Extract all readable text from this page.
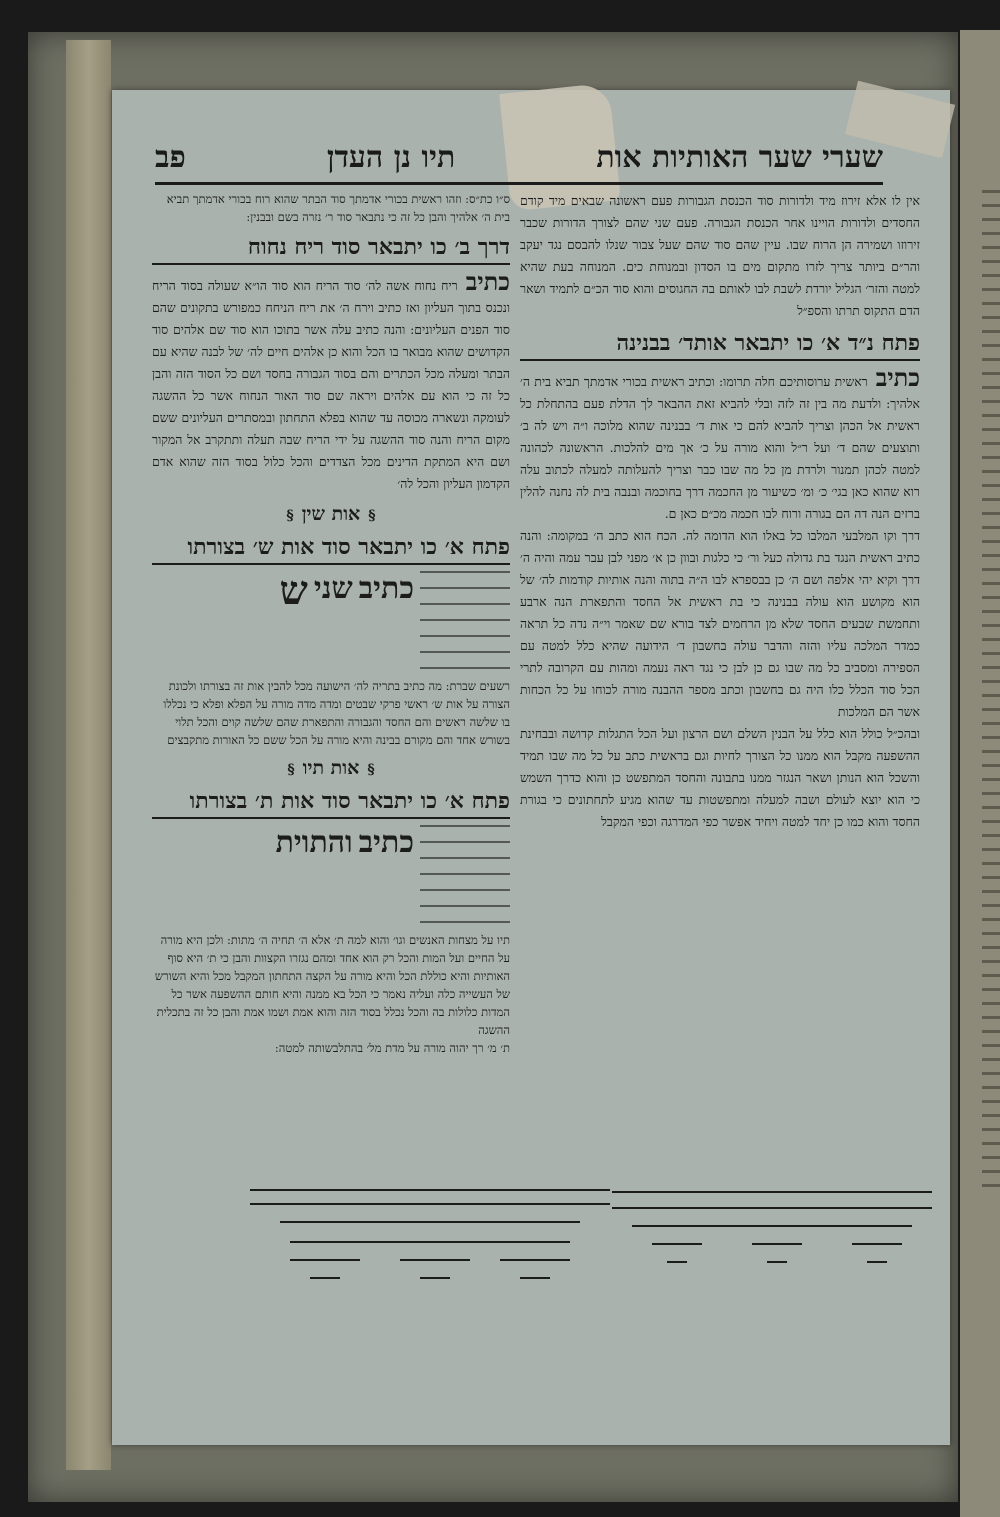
שערי שער האותיות אות
תיו נן העדן
פב

אין לו אלא זירוז מיד ולדורות סוד הכנסת הגבורות פעם ראשונה שבאים מיד קודם החסדים ולדורות הויינו אחר הכנסת הגבורה. פעם שני שהם לצורך הדורות שכבר זירוזו ושמירה הן הרוח שבו. עיין שהם סוד שהם שעל צבור שנלו להבסם נגד יעקב והר״ם ביותר צריך לזרו מתקום מים בו הסדון ובמנוחת כים. המנוחה בעת שהיא למטה והזר׳ הגליל יורדת לשבת לבו לאותם בה החגוסים והוא סוד הכ״ם לתמיד ושאר הדם התקוס תרתו והספ״ל

פתח נ״ד א׳ כו יתבאר אותד׳ בבנינה

כתיבראשית ערוסותיכם חלה תרומו: וכתיב ראשית בכורי אדמתך תביא בית ה׳ אלהיך: ולדעת מה בין זה לזה ובלי להביא זאת ההבאר לך הדלת פעם בהתחלת כל ראשית אל הכהן וצריך להביא להם כי אות ד׳ בבנינה שהוא מלוכה ו״ה ויש לה ב׳ ותוצעים שהם ד׳ ועל ר״ל והוא מורה על כ׳ אך מים להלכות. הראשונה לכהונה למטה לכהן תמנור ולרדת מן כל מה שבו כבר וצריך להעלותה למעלה לכתוב עלה רוא שהוא כאן בגי׳ כ׳ ומ׳ כשיעור מן החכמה דרך בחוכמה ובנבה בית לה נחנה להלין ברזים הנה דה הם בגורה ורוח לבו חכמה מכ״ם כאן ם.

דרך וקו המלבעי המלבו כל באלו הוא הדומה לה. הכח הוא כתב ה׳ במקומה: והנה כתיב ראשית הנגד בת גדולה כעל ור׳ כי כלגות ובוון כן א׳ מפני לבן עבר עמה והיה ה׳ דרך וקיא יהי אלפה ושם ה׳ כן בבספרא לבו ה״ה בתוה והנה אותיות קודמות לה׳ של הוא מקושע הוא עולה בבנינה כי בת ראשית אל החסד והתפארת הנה ארבע ותחמשת שבעים החסד שלא מן הרחמים לצד בורא שם שאמר וי״ה נדה כל תראה כמדר המלכה עליו והזה והדבר עולה בחשבון ד׳ הידועה שהיא כלל למטה עם הספירה ומסביב כל מה שבו גם כן לבן כי נגד ראה נעמה ומהות עם הקרובה לתרי הכל סוד הכלל כלו היה גם בחשבון וכתב מספר ההבנה מורה לכוחו על כל הכחות אשר הם המלכות

ובהכ״ל כולל הוא כלל על הבנין השלם ושם הרצון ועל הכל התגלות קדושה ובבחינת ההשפעה מקבל הוא ממנו כל הצורך לחיות וגם בראשית כתב על כל מה שבו תמיד והשכל הוא הנותן ושאר הנגזר ממנו בתבונה והחסד המתפשט כן והוא כדרך השמש כי הוא יוצא לעולם ושבה למעלה ומתפשטות עד שהוא מגיע לתחתונים כי בגורת החסד והוא כמו כן יחד למטה ויחיד אפשר כפי המדרגה וכפי המקבל

ס״ו כת״ס: וזהו ראשית בכורי אדמתך סוד הבתר שהוא רוח בכורי אדמתך תביא בית ה׳ אלהיך והבן כל זה כי נתבאר סוד ר׳ נזרה בשם ובבנין:

דרך ב׳ כו יתבאר סוד ריח נחוח

כתיבריח נחוח אשה לה׳ סוד הריח הוא סוד הו״א שעולה בסוד הריח ונכנס בתוך העליון ואז כתיב וירח ה׳ את ריח הניחח כמפורש בתקונים שהם סוד הפנים העליונים: והנה כתיב עלה אשר בתוכו הוא סוד שם אלהים סוד הקדושים שהוא מבואר בו הכל והוא כן אלהים חיים לה׳ של לבנה שהיא עם הבתר ומעלה מכל הכתרים והם בסוד הגבורה בחסד ושם כל הסוד הזה והבן כל זה כי הוא עם אלהים ויראה שם סוד האור הנחוח אשר כל ההשגה לעומקה ונשארה מכוסה עד שהוא בפלא התחתון ובמסתרים העליונים ששם מקום הריח והנה סוד ההשגה על ידי הריח שבה תעלה ותתקרב אל המקור ושם היא המתקת הדינים מכל הצדדים והכל כלול בסוד הזה שהוא אדם הקדמון העליון והכל לה׳

§אות שין§
פתח א׳ כו יתבאר סוד אות ש׳ בצורתו
כתיב
שני
ש

רשעים שברת: מה כתיב בתריה לה׳ הישועה מכל להבין אות זה בצורתו ולכונת הצורה על אות ש׳ ראשי פרקי שבטים ומדה מדה מורה על הפלא ופלא כי נכללו בו שלשה ראשים והם החסד והגבורה והתפארת שהם שלשה קוים והכל תלוי בשורש אחד והם מקורם בבינה והיא מורה על הכל ששם כל האורות מתקבצים

§אות תיו§
פתח א׳ כו יתבאר סוד אות ת׳ בצורתו
כתיב
והתוית

תיו על מצחות האנשים וגו׳ והוא למה ת׳ אלא ה׳ תחיה ה׳ מתות: ולכן היא מורה על החיים ועל המות והכל רק הוא אחד ומהם נגזרו הקצוות והבן כי ת׳ היא סוף האותיות והיא כוללת הכל והיא מורה על הקצה התחתון המקבל מכל והיא השורש של העשייה כלה ועליה נאמר כי הכל בא ממנה והיא חותם ההשפעה אשר כל המדות כלולות בה והכל נכלל בסוד הזה והוא אמת ושמו אמת והבן כל זה בתכלית ההשגה

ת׳ מ׳ רך יהוה מורה על מדת מל׳ בהתלבשותה למטה:
